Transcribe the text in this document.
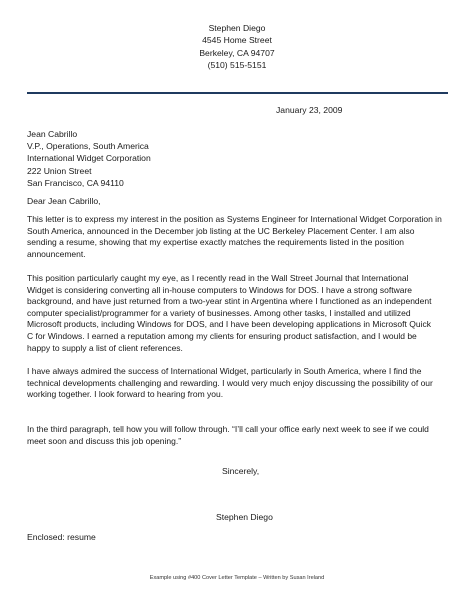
Stephen Diego
4545 Home Street
Berkeley, CA 94707
(510) 515-5151
January 23, 2009
Jean Cabrillo
V.P., Operations, South America
International Widget Corporation
222 Union Street
San Francisco, CA 94110
Dear Jean Cabrillo,
This letter is to express my interest in the position as Systems Engineer for International Widget Corporation in
South America, announced in the December job listing at the UC Berkeley Placement Center. I am also
sending a resume, showing that my expertise exactly matches the requirements listed in the position
announcement.
This position particularly caught my eye, as I recently read in the Wall Street Journal that International
Widget is considering converting all in-house computers to Windows for DOS. I have a strong software
background, and have just returned from a two-year stint in Argentina where I functioned as an independent
computer specialist/programmer for a variety of businesses. Among other tasks, I installed and utilized
Microsoft products, including Windows for DOS, and I have been developing applications in Microsoft Quick
C for Windows. I earned a reputation among my clients for ensuring product satisfaction, and I would be
happy to supply a list of client references.
I have always admired the success of International Widget, particularly in South America, where I find the
technical developments challenging and rewarding. I would very much enjoy discussing the possibility of our
working together. I look forward to hearing from you.
In the third paragraph, tell how you will follow through. “I’ll call your office early next week to see if we could
meet soon and discuss this job opening.”
Sincerely,
Stephen Diego
Enclosed: resume
Example using #400 Cover Letter Template – Written by Susan Ireland
